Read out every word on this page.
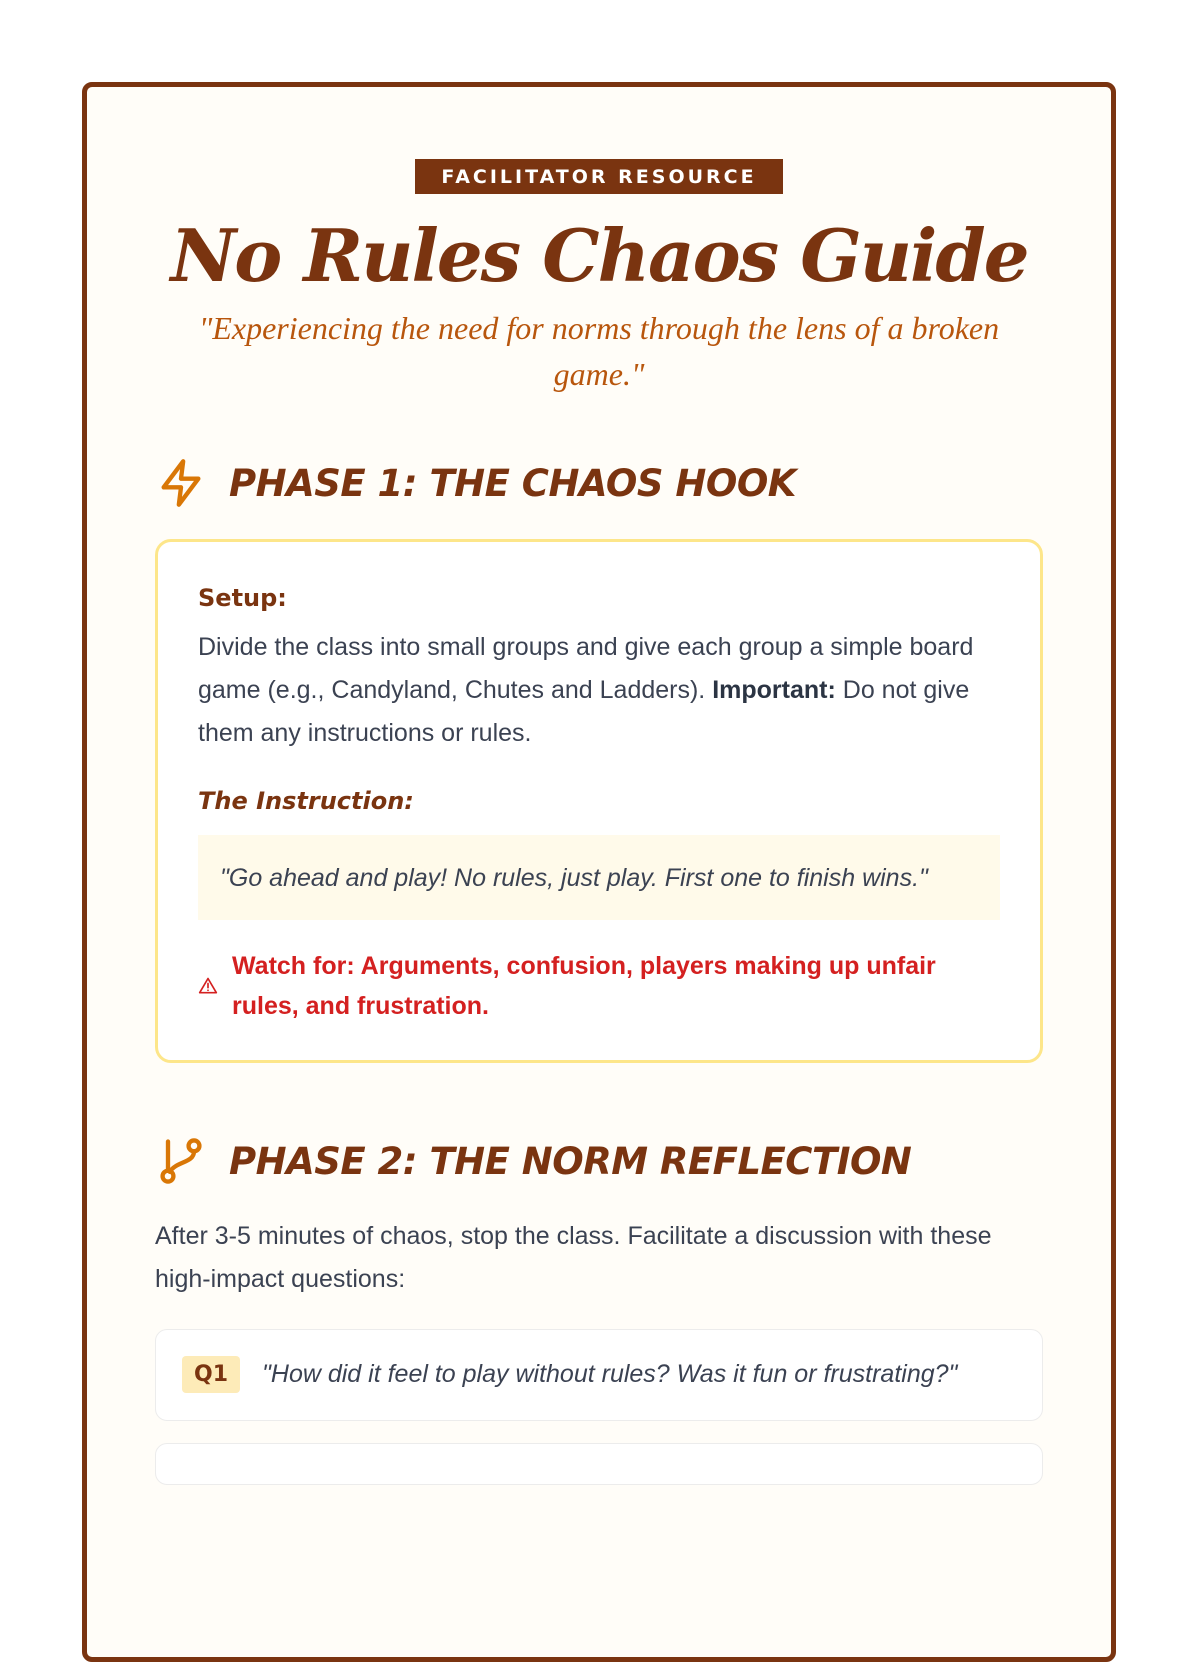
FACILITATOR RESOURCE
No Rules Chaos Guide
"Experiencing the need for norms through the lens of a broken game."
PHASE 1: THE CHAOS HOOK
Setup:
Divide the class into small groups and give each group a simple board game (e.g., Candyland, Chutes and Ladders). Important: Do not give them any instructions or rules.
The Instruction:
"Go ahead and play! No rules, just play. First one to finish wins."
Watch for: Arguments, confusion, players making up unfair rules, and frustration.
PHASE 2: THE NORM REFLECTION
After 3-5 minutes of chaos, stop the class. Facilitate a discussion with these high-impact questions:
Q1	"How did it feel to play without rules? Was it fun or frustrating?"
